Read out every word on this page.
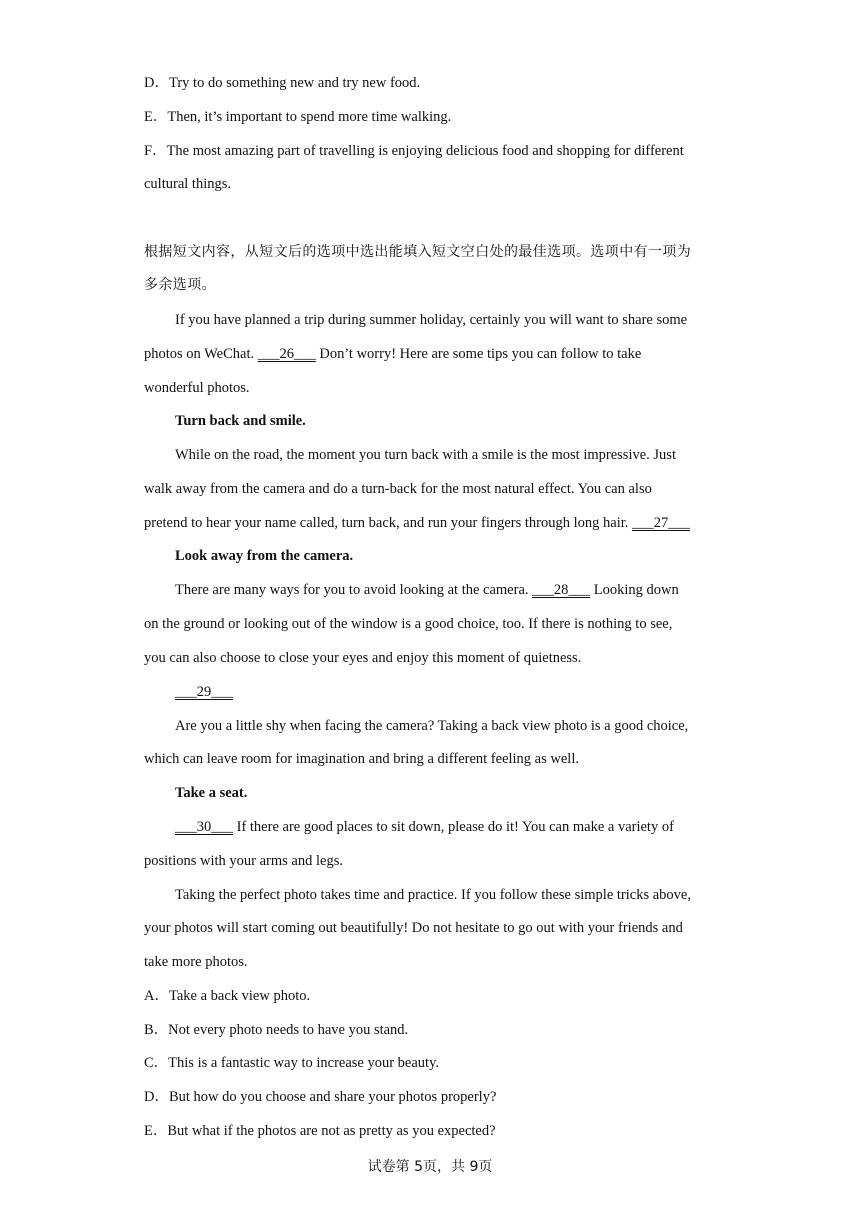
D．Try to do something new and try new food.
E．Then, it’s important to spend more time walking.
F．The most amazing part of travelling is enjoying delicious food and shopping for different
cultural things.
根据短文内容，从短文后的选项中选出能填入短文空白处的最佳选项。选项中有一项为
多余选项。
If you have planned a trip during summer holiday, certainly you will want to share some
photos on WeChat. ___26___ Don’t worry! Here are some tips you can follow to take
wonderful photos.
Turn back and smile.
While on the road, the moment you turn back with a smile is the most impressive. Just
walk away from the camera and do a turn-back for the most natural effect. You can also
pretend to hear your name called, turn back, and run your fingers through long hair. ___27___
Look away from the camera.
There are many ways for you to avoid looking at the camera. ___28___ Looking down
on the ground or looking out of the window is a good choice, too. If there is nothing to see,
you can also choose to close your eyes and enjoy this moment of quietness.
___29___
Are you a little shy when facing the camera? Taking a back view photo is a good choice,
which can leave room for imagination and bring a different feeling as well.
Take a seat.
___30___ If there are good places to sit down, please do it! You can make a variety of
positions with your arms and legs.
Taking the perfect photo takes time and practice. If you follow these simple tricks above,
your photos will start coming out beautifully! Do not hesitate to go out with your friends and
take more photos.
A．Take a back view photo.
B．Not every photo needs to have you stand.
C．This is a fantastic way to increase your beauty.
D．But how do you choose and share your photos properly?
E．But what if the photos are not as pretty as you expected?
试卷第 5页，共 9页
